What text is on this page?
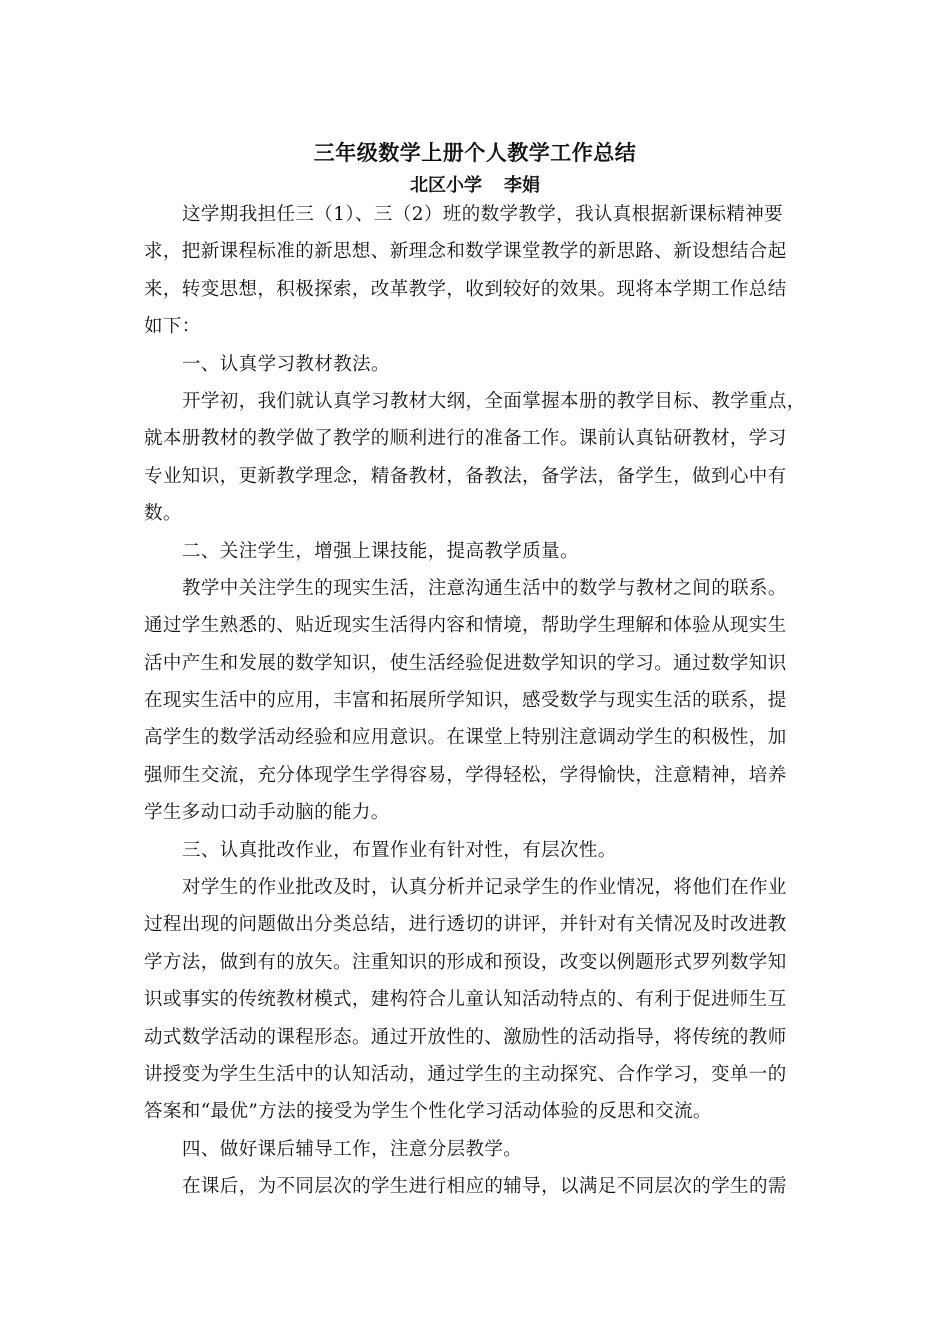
三年级数学上册个人教学工作总结
北区小学 李娟
这学期我担任三（1）、三（2）班的数学教学，我认真根据新课标精神要
求，把新课程标准的新思想、新理念和数学课堂教学的新思路、新设想结合起
来，转变思想，积极探索，改革教学，收到较好的效果。现将本学期工作总结
如下：
一、认真学习教材教法。
开学初，我们就认真学习教材大纲，全面掌握本册的教学目标、教学重点，
就本册教材的教学做了教学的顺利进行的准备工作。课前认真钻研教材，学习
专业知识，更新教学理念，精备教材，备教法，备学法，备学生，做到心中有
数。
二、关注学生，增强上课技能，提高教学质量。
教学中关注学生的现实生活，注意沟通生活中的数学与教材之间的联系。
通过学生熟悉的、贴近现实生活得内容和情境，帮助学生理解和体验从现实生
活中产生和发展的数学知识，使生活经验促进数学知识的学习。通过数学知识
在现实生活中的应用，丰富和拓展所学知识，感受数学与现实生活的联系，提
高学生的数学活动经验和应用意识。在课堂上特别注意调动学生的积极性，加
强师生交流，充分体现学生学得容易，学得轻松，学得愉快，注意精神，培养
学生多动口动手动脑的能力。
三、认真批改作业，布置作业有针对性，有层次性。
对学生的作业批改及时，认真分析并记录学生的作业情况，将他们在作业
过程出现的问题做出分类总结，进行透切的讲评，并针对有关情况及时改进教
学方法，做到有的放矢。注重知识的形成和预设，改变以例题形式罗列数学知
识或事实的传统教材模式，建构符合儿童认知活动特点的、有利于促进师生互
动式数学活动的课程形态。通过开放性的、激励性的活动指导，将传统的教师
讲授变为学生生活中的认知活动，通过学生的主动探究、合作学习，变单一的
答案和“最优”方法的接受为学生个性化学习活动体验的反思和交流。
四、做好课后辅导工作，注意分层教学。
在课后，为不同层次的学生进行相应的辅导，以满足不同层次的学生的需
